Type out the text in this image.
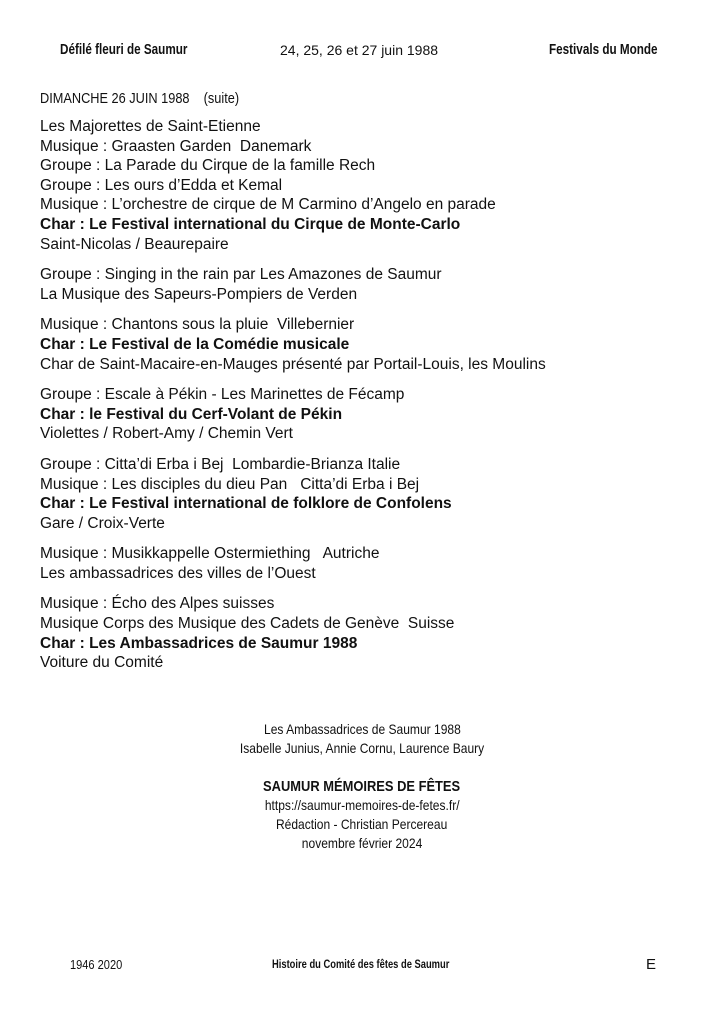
Défilé fleuri de Saumur	24, 25, 26 et 27 juin 1988	Festivals du Monde
DIMANCHE 26 JUIN 1988    (suite)
Les Majorettes de Saint-Etienne
Musique : Graasten Garden  Danemark
Groupe : La Parade du Cirque de la famille Rech
Groupe : Les ours d’Edda et Kemal
Musique : L’orchestre de cirque de M Carmino d’Angelo en parade
Char : Le Festival international du Cirque de Monte-Carlo
Saint-Nicolas / Beaurepaire
Groupe : Singing in the rain par Les Amazones de Saumur
La Musique des Sapeurs-Pompiers de Verden
Musique : Chantons sous la pluie  Villebernier
Char : Le Festival de la Comédie musicale
Char de Saint-Macaire-en-Mauges présenté par Portail-Louis, les Moulins
Groupe : Escale à Pékin - Les Marinettes de Fécamp
Char : le Festival du Cerf-Volant de Pékin
Violettes / Robert-Amy / Chemin Vert
Groupe : Citta’di Erba i Bej  Lombardie-Brianza Italie
Musique : Les disciples du dieu Pan   Citta’di Erba i Bej
Char : Le Festival international de folklore de Confolens
Gare / Croix-Verte
Musique : Musikkappelle Ostermiething   Autriche
Les ambassadrices des villes de l’Ouest
Musique : Écho des Alpes suisses
Musique Corps des Musique des Cadets de Genève  Suisse
Char : Les Ambassadrices de Saumur 1988
Voiture du Comité
Les Ambassadrices de Saumur 1988
Isabelle Junius, Annie Cornu, Laurence Baury
SAUMUR MÉMOIRES DE FÊTES
https://saumur-memoires-de-fetes.fr/
Rédaction - Christian Percereau
novembre février 2024
1946 2020	Histoire du Comité des fêtes de Saumur	E
